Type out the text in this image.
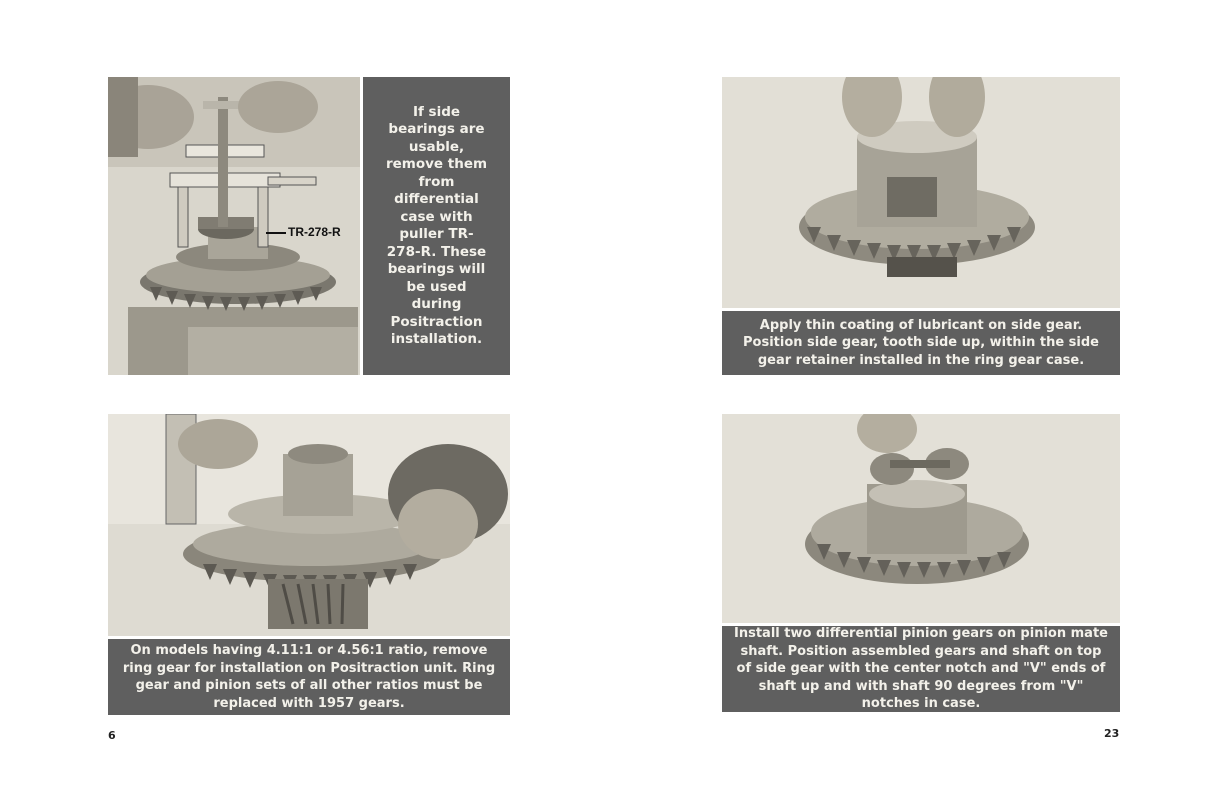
TR-278-R
If side bearings are usable, remove them from differential case with puller TR-278-R. These bearings will be used during Positraction installation.
On models having 4.11:1 or 4.56:1 ratio, remove ring gear for installation on Positraction unit. Ring gear and pinion sets of all other ratios must be replaced with 1957 gears.
6
Apply thin coating of lubricant on side gear. Position side gear, tooth side up, within the side gear retainer installed in the ring gear case.
Install two differential pinion gears on pinion mate shaft. Position assembled gears and shaft on top of side gear with the center notch and "V" ends of shaft up and with shaft 90 degrees from "V" notches in case.
23
